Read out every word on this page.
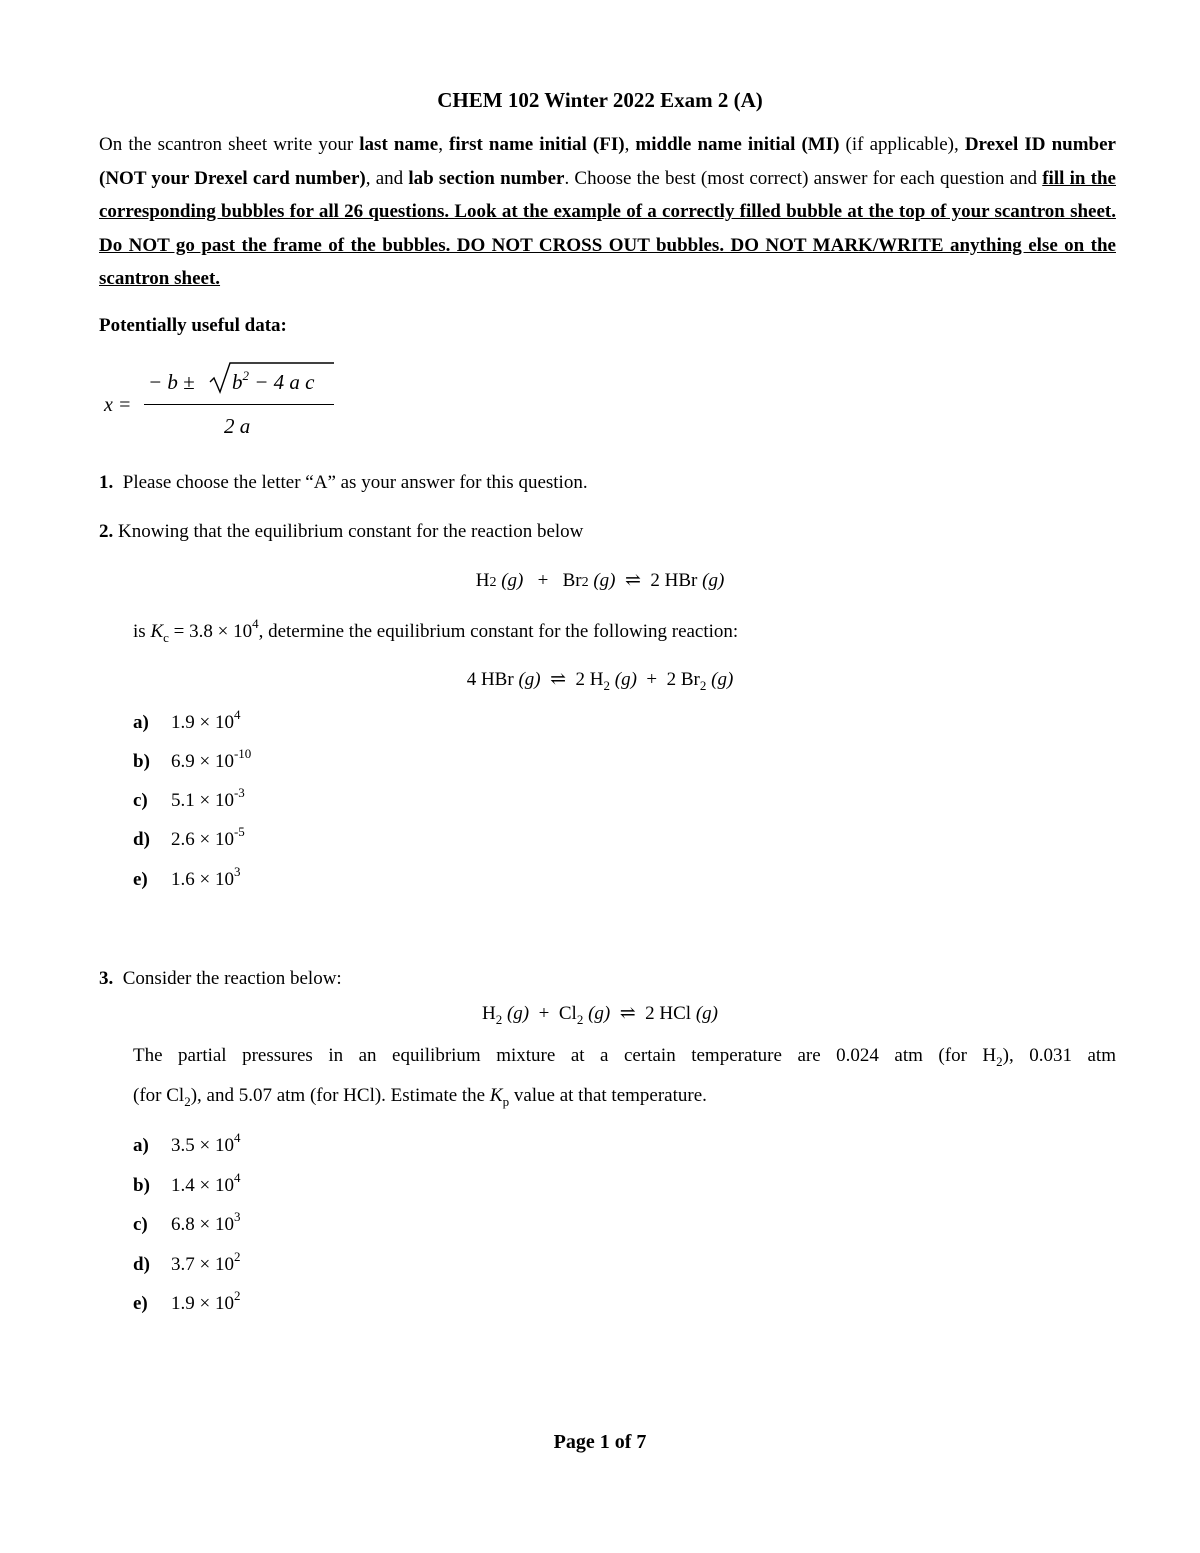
CHEM 102 Winter 2022 Exam 2 (A)
On the scantron sheet write your last name, first name initial (FI), middle name initial (MI) (if applicable), Drexel ID number (NOT your Drexel card number), and lab section number. Choose the best (most correct) answer for each question and fill in the corresponding bubbles for all 26 questions. Look at the example of a correctly filled bubble at the top of your scantron sheet. Do NOT go past the frame of the bubbles. DO NOT CROSS OUT bubbles. DO NOT MARK/WRITE anything else on the scantron sheet.
Potentially useful data:
x =
− $b \pm b^2 - 4$ a c
2 a
1. Please choose the letter “A” as your answer for this question.
2. Knowing that the equilibrium constant for the reaction below
H2 (g) + Br2 (g) ⇌ 2 HBr (g)
is $K_c = 3.8 \times 10^4$, determine the equilibrium constant for the following reaction:
4 HBr (g) ⇌ 2 $H_2$ (g) + 2 $Br_2$ (g)
a) $1.9 \times 10^4$
b) $6.9 \times 10^{-10}$
c) $5.1 \times 10^{-3}$
d) $2.6 \times 10^{-5}$
e) $1.6 \times 10^3$
3. Consider the reaction below:
$H_2$ $(g) + Cl_2$ (g) ⇌ 2 HCl (g)
The partial pressures in an equilibrium mixture at a certain temperature are 0.024 atm (for $H_2$), 0.031 atm
(for $Cl_2$), and 5.07 atm (for HCl). Estimate the $K_p$ value at that temperature.
a) $3.5 \times 10^4$
b) $1.4 \times 10^4$
c) $6.8 \times 10^3$
d) $3.7 \times 10^2$
e) $1.9 \times 10^2$
Page 1 of 7
